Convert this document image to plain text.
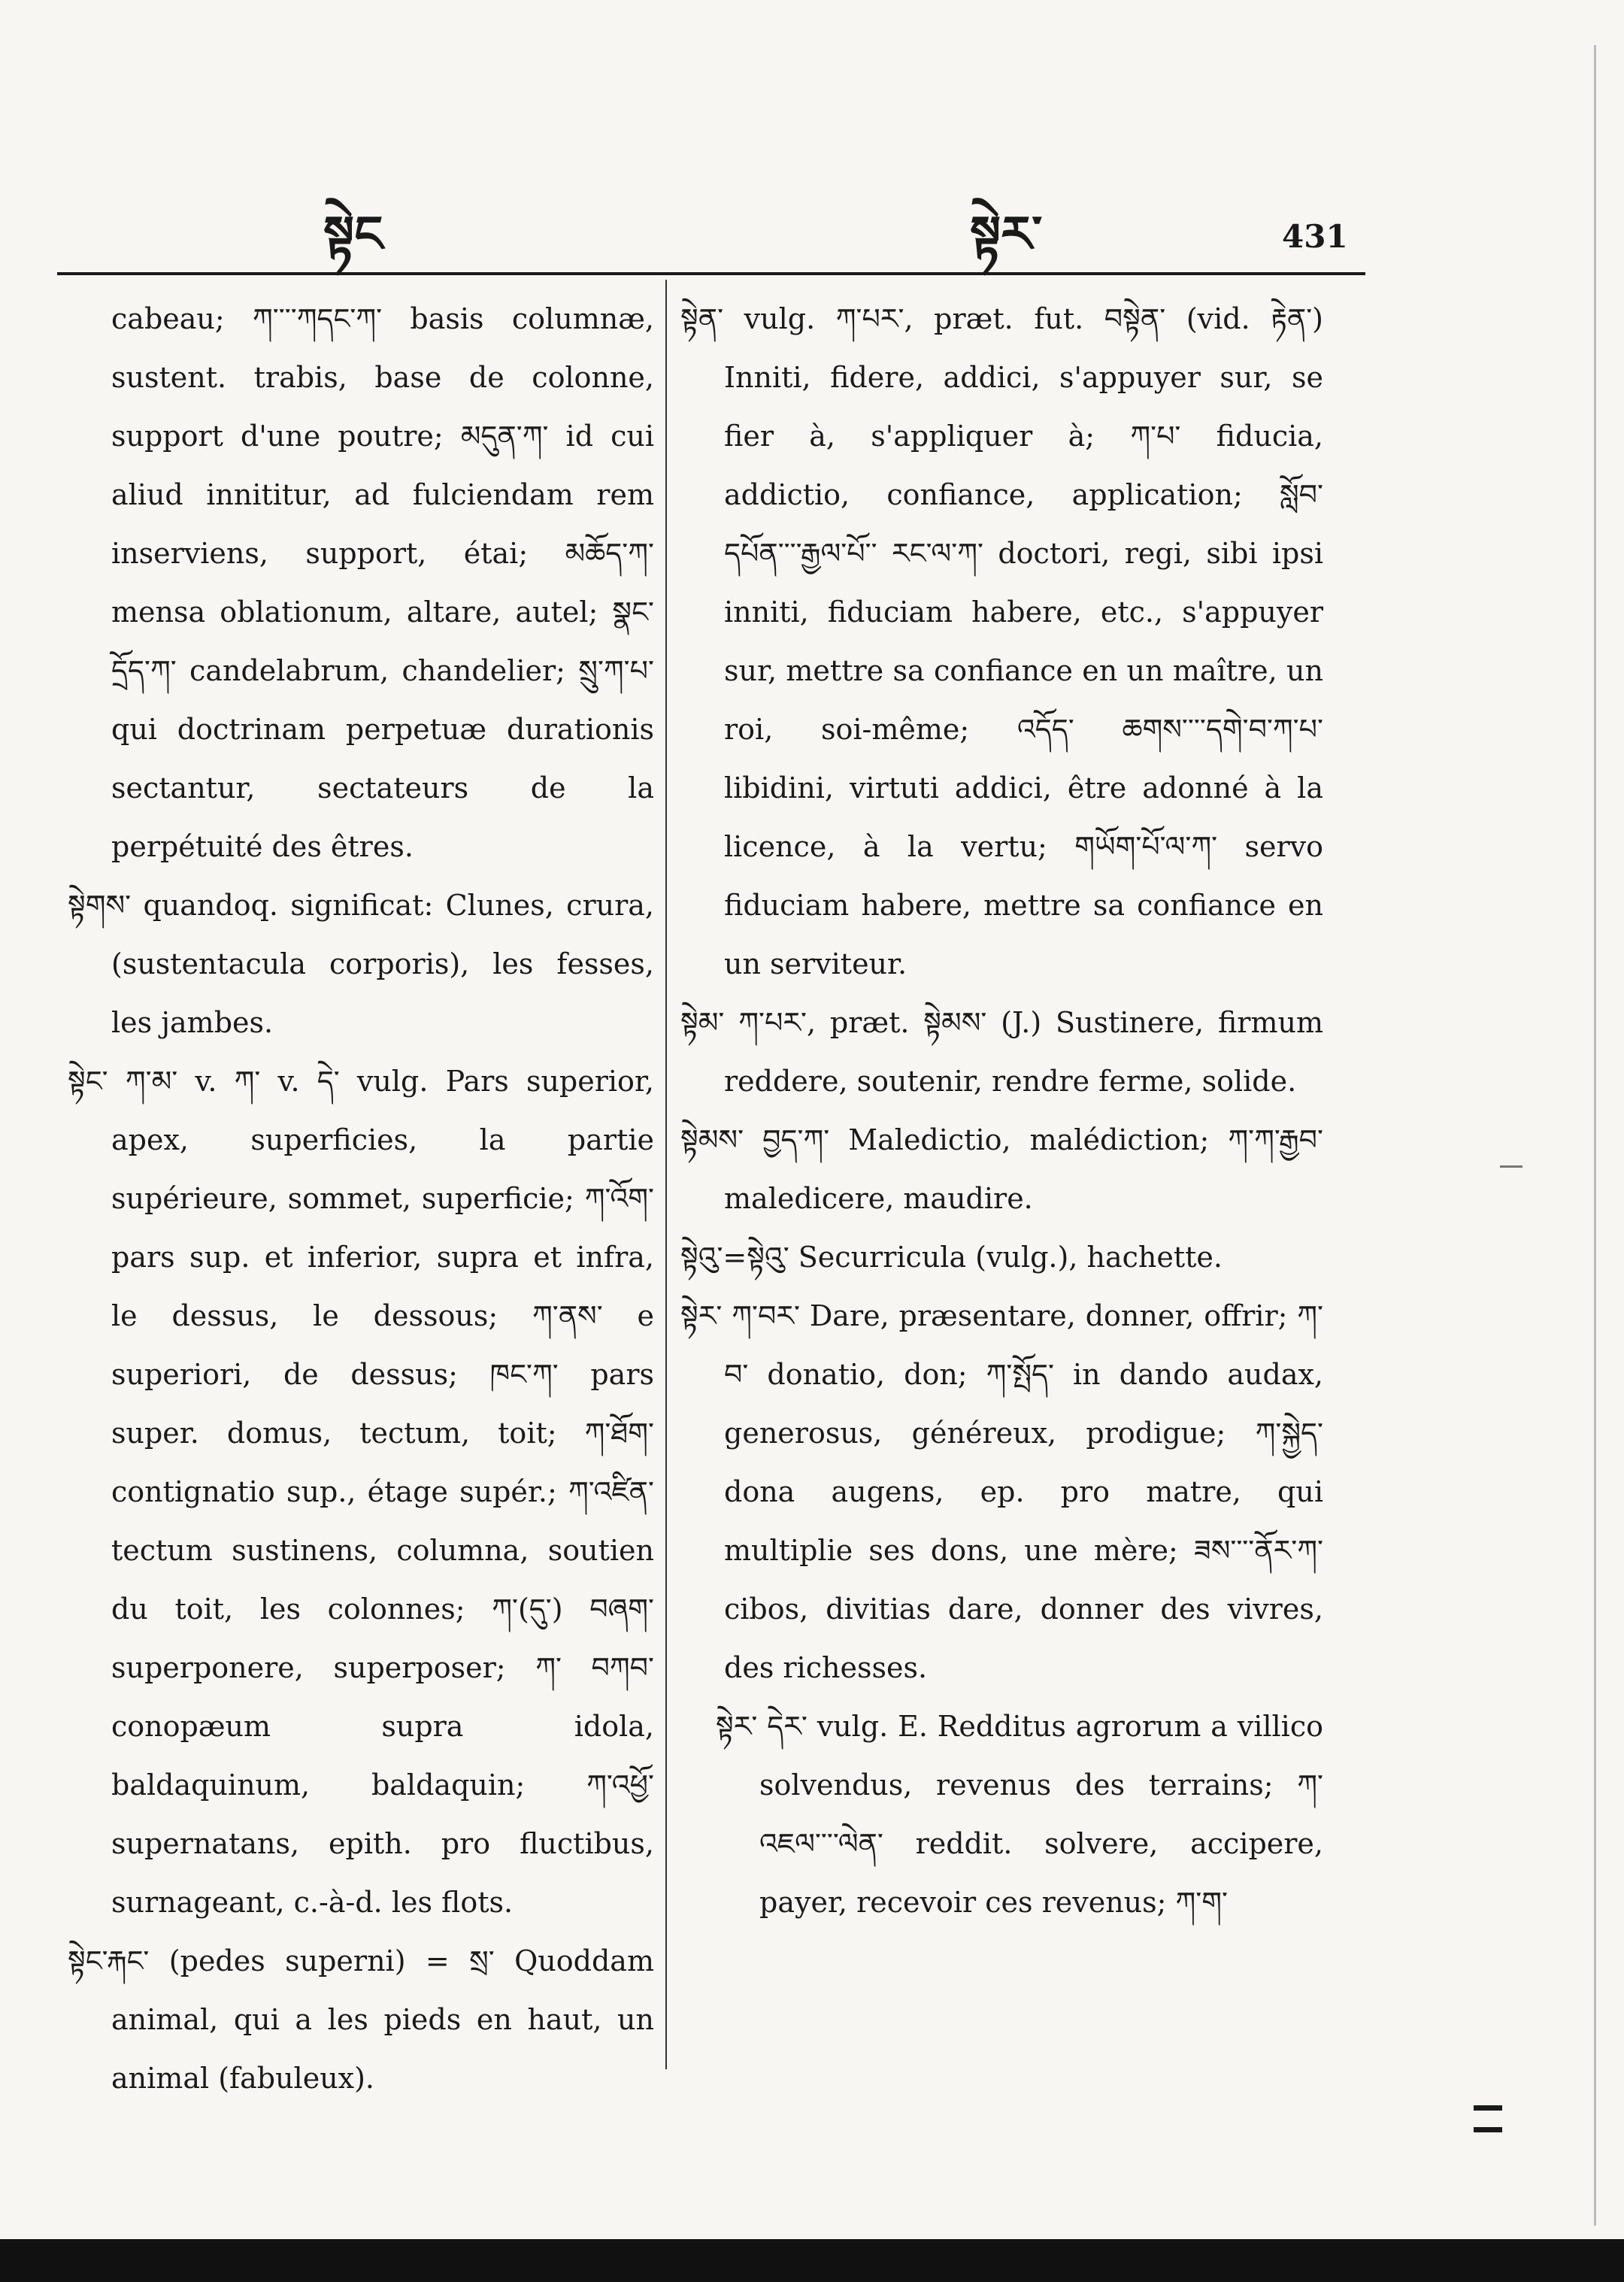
སྟེང	སྟེར་	431

cabeau; ཀ་་་་ཀདང་ཀ་ basis columnæ, sustent. trabis, base de colonne, support d'une poutre; མདུན་ཀ་ id cui aliud innititur, ad fulciendam rem inserviens, support, étai; མཆོད་ཀ་ mensa oblationum, altare, autel; སྣང་དྲོད་ཀ་ candelabrum, chandelier; སྲུ་ཀ་པ་ qui doctrinam perpetuæ durationis sectantur, sectateurs de la perpétuité des êtres.

སྟེགས་ quandoq. significat: Clunes, crura, (sustentacula corporis), les fesses, les jambes.

སྟེང་ ཀ་མ་ v. ཀ་ v. དེ་ vulg. Pars superior, apex, superficies, la partie supérieure, sommet, superficie; ཀ་འོག་ pars sup. et inferior, supra et infra, le dessus, le dessous; ཀ་ནས་ e superiori, de dessus; ཁང་ཀ་ pars super. domus, tectum, toit; ཀ་ཐོག་ contignatio sup., étage supér.; ཀ་འཛིན་ tectum sustinens, columna, soutien du toit, les colonnes; ཀ་(དུ་) བཞག་ superponere, superposer; ཀ་ བཀབ་ conopæum supra idola, baldaquinum, baldaquin; ཀ་འཕྱོ་ supernatans, epith. pro fluctibus, surnageant, c.-à-d. les flots.

སྟེང་རྐང་ (pedes superni) = སྲ་ Quoddam animal, qui a les pieds en haut, un animal (fabuleux).

སྟེན་ vulg. ཀ་པར་, præt. fut. བསྟེན་ (vid. རྟེན་) Inniti, fidere, addici, s'appuyer sur, se fier à, s'appliquer à; ཀ་པ་ fiducia, addictio, confiance, application; སློབ་ དཔོན་་་་རྒྱལ་པོ་་ རང་ལ་ཀ་ doctori, regi, sibi ipsi inniti, fiduciam habere, etc., s'appuyer sur, mettre sa confiance en un maître, un roi, soi-même; འདོད་ ཆགས་་་་དགེ་བ་ཀ་པ་ libidini, virtuti addici, être adonné à la licence, à la vertu; གཡོག་པོ་ལ་ཀ་ servo fiduciam habere, mettre sa confiance en un serviteur.

སྟེམ་ ཀ་པར་, præt. སྟེམས་ (J.) Sustinere, firmum reddere, soutenir, rendre ferme, solide.

སྟེམས་ བྱད་ཀ་ Maledictio, malédiction; ཀ་ཀ་རྒྱབ་ maledicere, maudire.

སྟེའུ་=སྟེའུ་ Securricula (vulg.), hachette.

སྟེར་ ཀ་བར་ Dare, præsentare, donner, offrir; ཀ་བ་ donatio, don; ཀ་སྤོད་ in dando audax, generosus, généreux, prodigue; ཀ་སྐྱེད་ dona augens, ep. pro matre, qui multiplie ses dons, une mère; ཟས་་་་ནོར་ཀ་ cibos, divitias dare, donner des vivres, des richesses.

སྟེར་ དེར་ vulg. E. Redditus agrorum a villico solvendus, revenus des terrains; ཀ་འཇལ་་་་ལེན་ reddit. solvere, accipere, payer, recevoir ces revenus; ཀ་ག་
